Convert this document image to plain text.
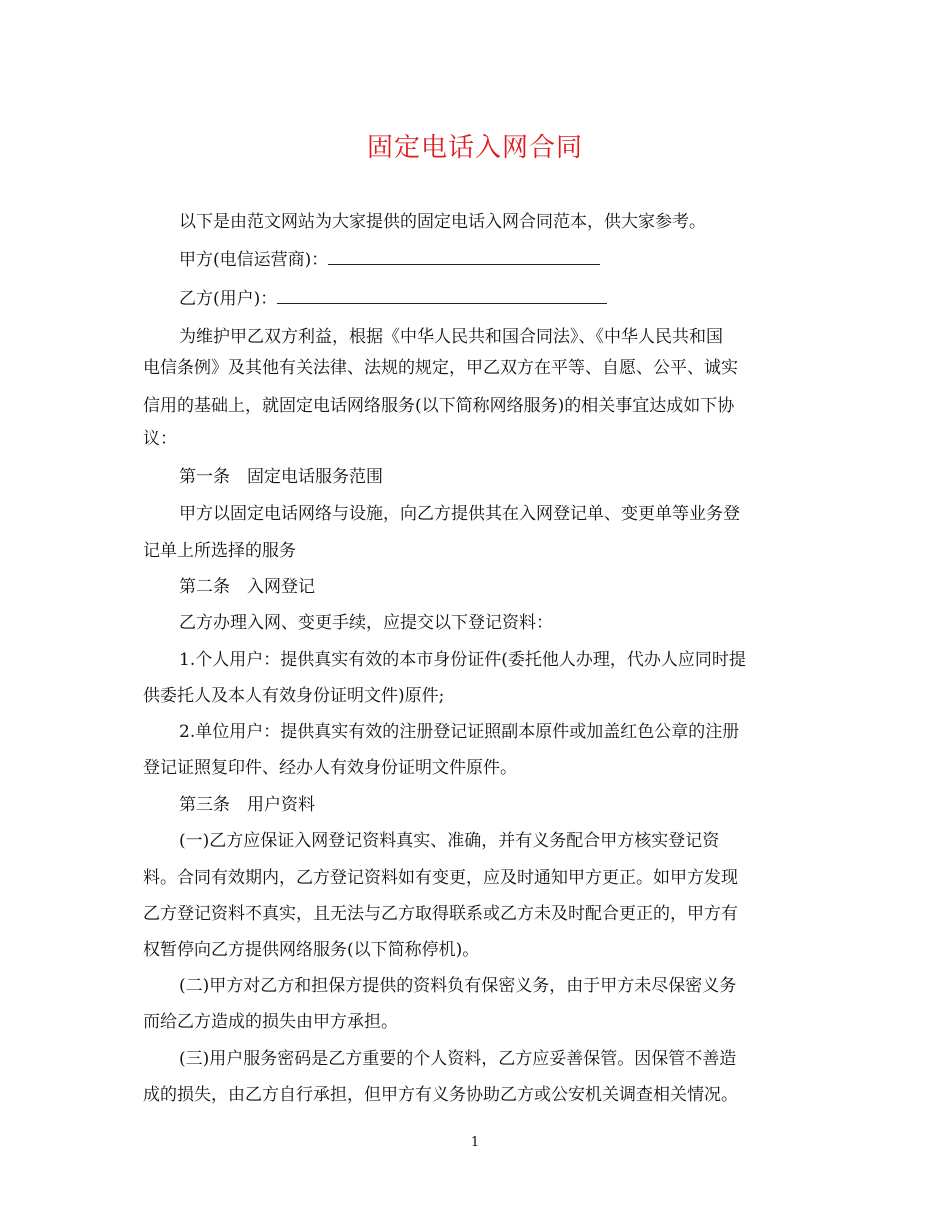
固定电话入网合同
以下是由范文网站为大家提供的固定电话入网合同范本，供大家参考。
甲方(电信运营商)：
乙方(用户)：
为维护甲乙双方利益，根据《中华人民共和国合同法》、《中华人民共和国
电信条例》及其他有关法律、法规的规定，甲乙双方在平等、自愿、公平、诚实
信用的基础上，就固定电话网络服务(以下简称网络服务)的相关事宜达成如下协
议：
第一条　固定电话服务范围
甲方以固定电话网络与设施，向乙方提供其在入网登记单、变更单等业务登
记单上所选择的服务
第二条　入网登记
乙方办理入网、变更手续，应提交以下登记资料：
1.个人用户：提供真实有效的本市身份证件(委托他人办理，代办人应同时提
供委托人及本人有效身份证明文件)原件;
2.单位用户：提供真实有效的注册登记证照副本原件或加盖红色公章的注册
登记证照复印件、经办人有效身份证明文件原件。
第三条　用户资料
(一)乙方应保证入网登记资料真实、准确，并有义务配合甲方核实登记资
料。合同有效期内，乙方登记资料如有变更，应及时通知甲方更正。如甲方发现
乙方登记资料不真实，且无法与乙方取得联系或乙方未及时配合更正的，甲方有
权暂停向乙方提供网络服务(以下简称停机)。
(二)甲方对乙方和担保方提供的资料负有保密义务，由于甲方未尽保密义务
而给乙方造成的损失由甲方承担。
(三)用户服务密码是乙方重要的个人资料，乙方应妥善保管。因保管不善造
成的损失，由乙方自行承担，但甲方有义务协助乙方或公安机关调查相关情况。
1
